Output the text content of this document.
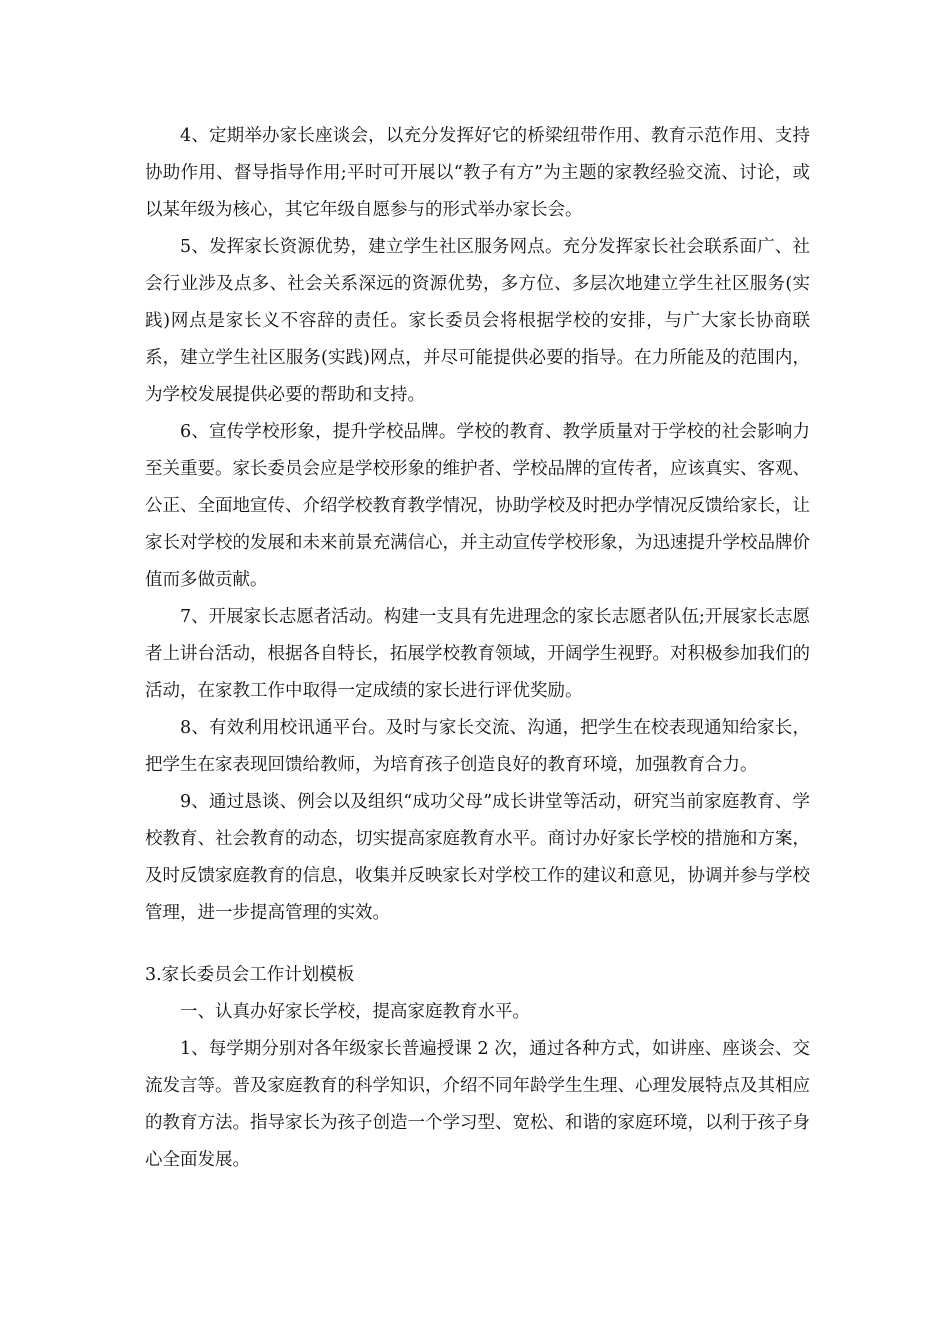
4、定期举办家长座谈会，以充分发挥好它的桥梁纽带作用、教育示范作用、支持协助作用、督导指导作用;平时可开展以“教子有方”为主题的家教经验交流、讨论，或以某年级为核心，其它年级自愿参与的形式举办家长会。

5、发挥家长资源优势，建立学生社区服务网点。充分发挥家长社会联系面广、社会行业涉及点多、社会关系深远的资源优势，多方位、多层次地建立学生社区服务(实践)网点是家长义不容辞的责任。家长委员会将根据学校的安排，与广大家长协商联系，建立学生社区服务(实践)网点，并尽可能提供必要的指导。在力所能及的范围内，为学校发展提供必要的帮助和支持。

6、宣传学校形象，提升学校品牌。学校的教育、教学质量对于学校的社会影响力至关重要。家长委员会应是学校形象的维护者、学校品牌的宣传者，应该真实、客观、公正、全面地宣传、介绍学校教育教学情况，协助学校及时把办学情况反馈给家长，让家长对学校的发展和未来前景充满信心，并主动宣传学校形象，为迅速提升学校品牌价值而多做贡献。

7、开展家长志愿者活动。构建一支具有先进理念的家长志愿者队伍;开展家长志愿者上讲台活动，根据各自特长，拓展学校教育领域，开阔学生视野。对积极参加我们的活动，在家教工作中取得一定成绩的家长进行评优奖励。

8、有效利用校讯通平台。及时与家长交流、沟通，把学生在校表现通知给家长，把学生在家表现回馈给教师，为培育孩子创造良好的教育环境，加强教育合力。

9、通过恳谈、例会以及组织“成功父母”成长讲堂等活动，研究当前家庭教育、学校教育、社会教育的动态，切实提高家庭教育水平。商讨办好家长学校的措施和方案，及时反馈家庭教育的信息，收集并反映家长对学校工作的建议和意见，协调并参与学校管理，进一步提高管理的实效。

3.家长委员会工作计划模板

一、认真办好家长学校，提高家庭教育水平。

1、每学期分别对各年级家长普遍授课 2 次，通过各种方式，如讲座、座谈会、交流发言等。普及家庭教育的科学知识，介绍不同年龄学生生理、心理发展特点及其相应的教育方法。指导家长为孩子创造一个学习型、宽松、和谐的家庭环境，以利于孩子身心全面发展。
